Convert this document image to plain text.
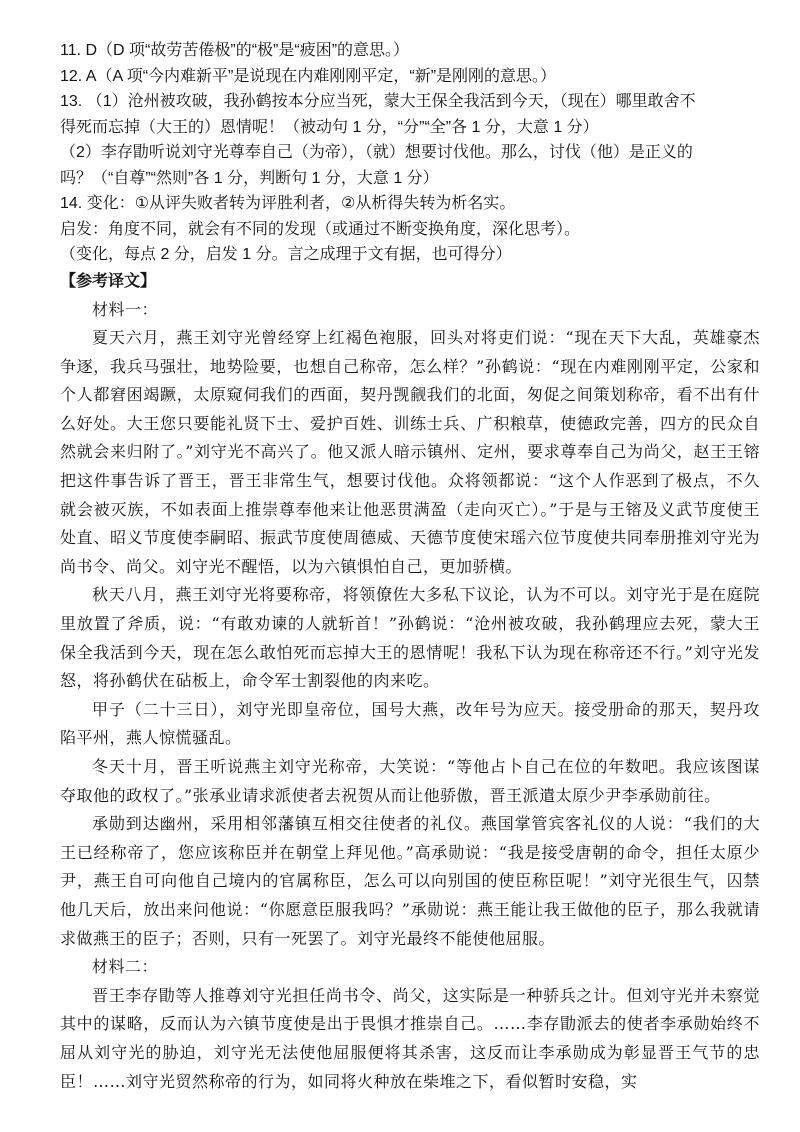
11. D（D 项“故劳苦倦极”的“极”是“疲困”的意思。）
12. A（A 项“今内难新平”是说现在内难刚刚平定，“新”是刚刚的意思。）
13. （1）沧州被攻破，我孙鹤按本分应当死，蒙大王保全我活到今天，（现在）哪里敢舍不
得死而忘掉（大王的）恩情呢！（被动句 1 分，“分”“全”各 1 分，大意 1 分）
（2）李存勖听说刘守光尊奉自己（为帝），（就）想要讨伐他。那么，讨伐（他）是正义的
吗？（“自尊”“然则”各 1 分，判断句 1 分，大意 1 分）
14. 变化：①从评失败者转为评胜利者，②从析得失转为析名实。
启发：角度不同，就会有不同的发现（或通过不断变换角度，深化思考）。
（变化，每点 2 分，启发 1 分。言之成理于文有据，也可得分）
【参考译文】
材料一：

夏天六月，燕王刘守光曾经穿上红褐色袍服，回头对将吏们说：“现在天下大乱，英雄豪杰争逐，我兵马强壮，地势险要，也想自己称帝，怎么样？”孙鹤说：“现在内难刚刚平定，公家和个人都窘困竭蹶，太原窥伺我们的西面，契丹觊觎我们的北面，匆促之间策划称帝，看不出有什么好处。大王您只要能礼贤下士、爱护百姓、训练士兵、广积粮草，使德政完善，四方的民众自然就会来归附了。”刘守光不高兴了。他又派人暗示镇州、定州，要求尊奉自己为尚父，赵王王镕把这件事告诉了晋王，晋王非常生气，想要讨伐他。众将领都说：“这个人作恶到了极点，不久就会被灭族，不如表面上推崇尊奉他来让他恶贯满盈（走向灭亡）。”于是与王镕及义武节度使王处直、昭义节度使李嗣昭、振武节度使周德威、天德节度使宋瑶六位节度使共同奉册推刘守光为尚书令、尚父。刘守光不醒悟，以为六镇惧怕自己，更加骄横。

秋天八月，燕王刘守光将要称帝，将领僚佐大多私下议论，认为不可以。刘守光于是在庭院里放置了斧质，说：“有敢劝谏的人就斩首！”孙鹤说：“沧州被攻破，我孙鹤理应去死，蒙大王保全我活到今天，现在怎么敢怕死而忘掉大王的恩情呢！我私下认为现在称帝还不行。”刘守光发怒，将孙鹤伏在砧板上，命令军士割裂他的肉来吃。

甲子（二十三日），刘守光即皇帝位，国号大燕，改年号为应天。接受册命的那天，契丹攻陷平州，燕人惊慌骚乱。

冬天十月，晋王听说燕主刘守光称帝，大笑说：“等他占卜自己在位的年数吧。我应该图谋夺取他的政权了。”张承业请求派使者去祝贺从而让他骄傲，晋王派遣太原少尹李承勋前往。

承勋到达幽州，采用相邻藩镇互相交往使者的礼仪。燕国掌管宾客礼仪的人说：“我们的大王已经称帝了，您应该称臣并在朝堂上拜见他。”高承勋说：“我是接受唐朝的命令，担任太原少尹，燕王自可向他自己境内的官属称臣，怎么可以向别国的使臣称臣呢！”刘守光很生气，囚禁他几天后，放出来问他说：“你愿意臣服我吗？”承勋说：燕王能让我王做他的臣子，那么我就请求做燕王的臣子；否则，只有一死罢了。刘守光最终不能使他屈服。

材料二：

晋王李存勖等人推尊刘守光担任尚书令、尚父，这实际是一种骄兵之计。但刘守光并未察觉其中的谋略，反而认为六镇节度使是出于畏惧才推崇自己。……李存勖派去的使者李承勋始终不屈从刘守光的胁迫，刘守光无法使他屈服便将其杀害，这反而让李承勋成为彰显晋王气节的忠臣！……刘守光贸然称帝的行为，如同将火种放在柴堆之下，看似暂时安稳，实
